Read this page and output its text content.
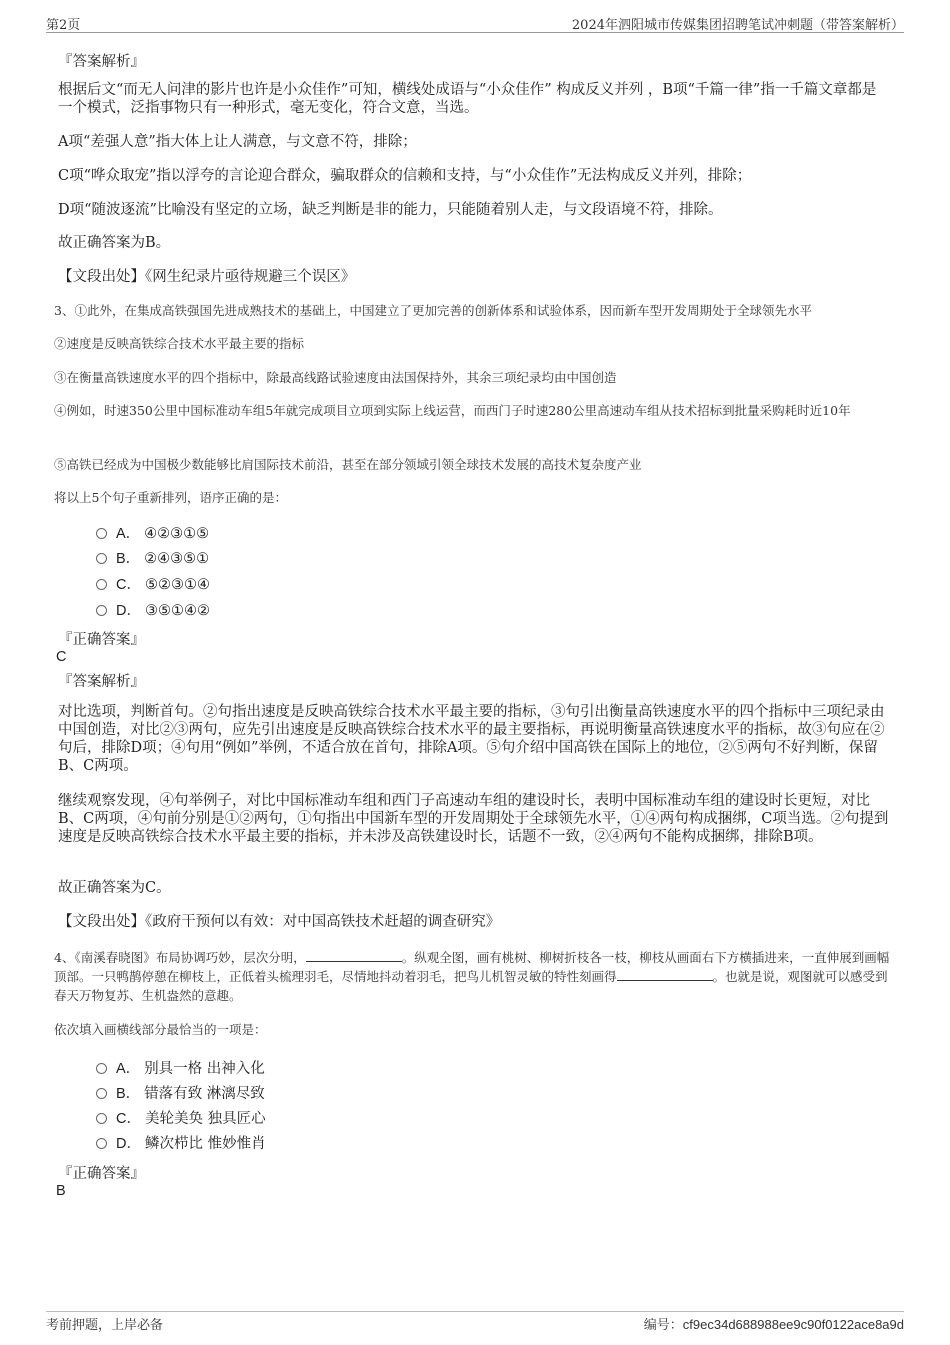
第2页	2024年泗阳城市传媒集团招聘笔试冲刺题（带答案解析）
『答案解析』
根据后文“而无人问津的影片也许是小众佳作”可知，横线处成语与“小众佳作” 构成反义并列 ，B项“千篇一律”指一千篇文章都是一个模式，泛指事物只有一种形式，毫无变化，符合文意，当选。
A项“差强人意”指大体上让人满意，与文意不符，排除；
C项“哗众取宠”指以浮夸的言论迎合群众，骗取群众的信赖和支持，与“小众佳作”无法构成反义并列，排除；
D项“随波逐流”比喻没有坚定的立场，缺乏判断是非的能力，只能随着别人走，与文段语境不符，排除。
故正确答案为B。
【文段出处】《网生纪录片亟待规避三个误区》
3、①此外，在集成高铁强国先进成熟技术的基础上，中国建立了更加完善的创新体系和试验体系，因而新车型开发周期处于全球领先水平
②速度是反映高铁综合技术水平最主要的指标
③在衡量高铁速度水平的四个指标中，除最高线路试验速度由法国保持外，其余三项纪录均由中国创造
④例如，时速350公里中国标准动车组5年就完成项目立项到实际上线运营，而西门子时速280公里高速动车组从技术招标到批量采购耗时近10年
⑤高铁已经成为中国极少数能够比肩国际技术前沿，甚至在部分领域引领全球技术发展的高技术复杂度产业
将以上5个句子重新排列，语序正确的是：
A． ④②③①⑤
B． ②④③⑤①
C． ⑤②③①④
D． ③⑤①④②
『正确答案』
C
『答案解析』
对比选项，判断首句。②句指出速度是反映高铁综合技术水平最主要的指标，③句引出衡量高铁速度水平的四个指标中三项纪录由中国创造，对比②③两句，应先引出速度是反映高铁综合技术水平的最主要指标，再说明衡量高铁速度水平的指标，故③句应在②句后，排除D项；④句用“例如”举例，不适合放在首句，排除A项。⑤句介绍中国高铁在国际上的地位，②⑤两句不好判断，保留B、C两项。
继续观察发现，④句举例子，对比中国标准动车组和西门子高速动车组的建设时长，表明中国标准动车组的建设时长更短，对比B、C两项，④句前分别是①②两句，①句指出中国新车型的开发周期处于全球领先水平，①④两句构成捆绑，C项当选。②句提到速度是反映高铁综合技术水平最主要的指标，并未涉及高铁建设时长，话题不一致，②④两句不能构成捆绑，排除B项。
故正确答案为C。
【文段出处】《政府干预何以有效：对中国高铁技术赶超的调查研究》
4、《南溪春晓图》布局协调巧妙，层次分明，	。纵观全图，画有桃树、柳树折枝各一枝，柳枝从画面右下方横插进来，一直伸展到画幅顶部。一只鸭鹊停憩在柳枝上，正低着头梳理羽毛，尽情地抖动着羽毛，把鸟儿机智灵敏的特性刻画得	。也就是说，观图就可以感受到春天万物复苏、生机盎然的意趣。
依次填入画横线部分最恰当的一项是：
A． 别具一格 出神入化
B． 错落有致 淋漓尽致
C． 美轮美奂 独具匠心
D． 鳞次栉比 惟妙惟肖
『正确答案』
B
考前押题，上岸必备	编号：cf9ec34d688988ee9c90f0122ace8a9d
